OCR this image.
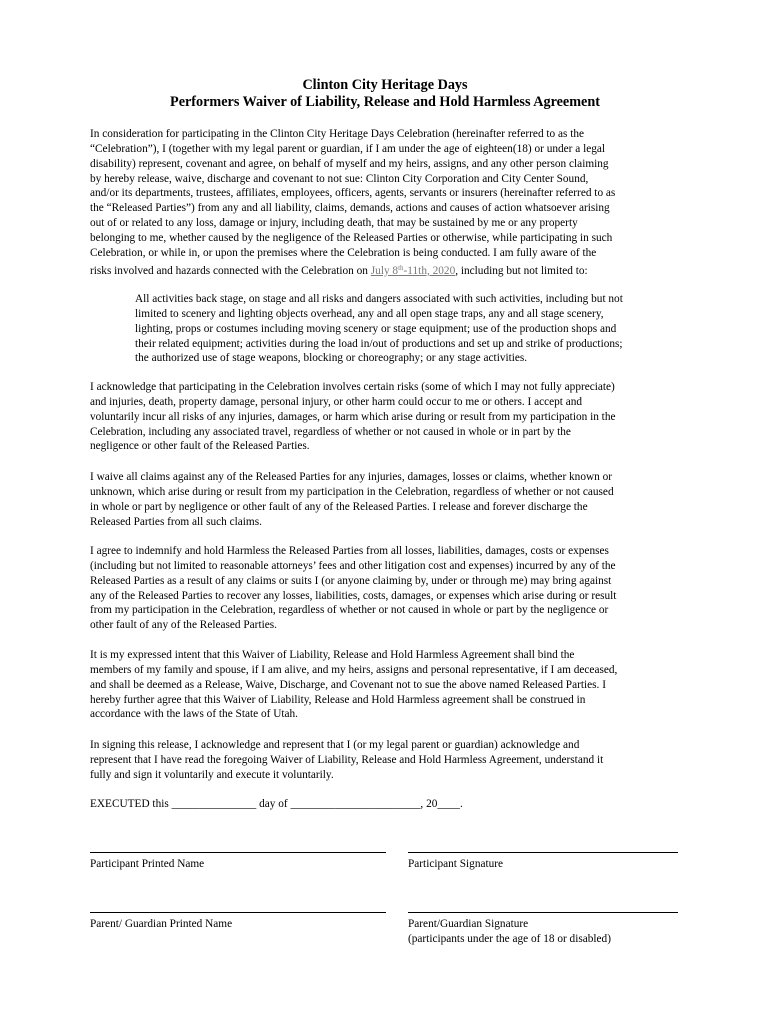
Clinton City Heritage Days
Performers Waiver of Liability, Release and Hold Harmless Agreement
In consideration for participating in the Clinton City Heritage Days Celebration (hereinafter referred to as the
“Celebration”), I (together with my legal parent or guardian, if I am under the age of eighteen(18) or under a legal
disability) represent, covenant and agree, on behalf of myself and my heirs, assigns, and any other person claiming
by hereby release, waive, discharge and covenant to not sue: Clinton City Corporation and City Center Sound,
and/or its departments, trustees, affiliates, employees, officers, agents, servants or insurers (hereinafter referred to as
the “Released Parties”) from any and all liability, claims, demands, actions and causes of action whatsoever arising
out of or related to any loss, damage or injury, including death, that may be sustained by me or any property
belonging to me, whether caused by the negligence of the Released Parties or otherwise, while participating in such
Celebration, or while in, or upon the premises where the Celebration is being conducted. I am fully aware of the
risks involved and hazards connected with the Celebration on July 8th-11th, 2020, including but not limited to:
All activities back stage, on stage and all risks and dangers associated with such activities, including but not
limited to scenery and lighting objects overhead, any and all open stage traps, any and all stage scenery,
lighting, props or costumes including moving scenery or stage equipment; use of the production shops and
their related equipment; activities during the load in/out of productions and set up and strike of productions;
the authorized use of stage weapons, blocking or choreography; or any stage activities.
I acknowledge that participating in the Celebration involves certain risks (some of which I may not fully appreciate)
and injuries, death, property damage, personal injury, or other harm could occur to me or others. I accept and
voluntarily incur all risks of any injuries, damages, or harm which arise during or result from my participation in the
Celebration, including any associated travel, regardless of whether or not caused in whole or in part by the
negligence or other fault of the Released Parties.
I waive all claims against any of the Released Parties for any injuries, damages, losses or claims, whether known or
unknown, which arise during or result from my participation in the Celebration, regardless of whether or not caused
in whole or part by negligence or other fault of any of the Released Parties. I release and forever discharge the
Released Parties from all such claims.
I agree to indemnify and hold Harmless the Released Parties from all losses, liabilities, damages, costs or expenses
(including but not limited to reasonable attorneys’ fees and other litigation cost and expenses) incurred by any of the
Released Parties as a result of any claims or suits I (or anyone claiming by, under or through me) may bring against
any of the Released Parties to recover any losses, liabilities, costs, damages, or expenses which arise during or result
from my participation in the Celebration, regardless of whether or not caused in whole or part by the negligence or
other fault of any of the Released Parties.
It is my expressed intent that this Waiver of Liability, Release and Hold Harmless Agreement shall bind the
members of my family and spouse, if I am alive, and my heirs, assigns and personal representative, if I am deceased,
and shall be deemed as a Release, Waive, Discharge, and Covenant not to sue the above named Released Parties. I
hereby further agree that this Waiver of Liability, Release and Hold Harmless agreement shall be construed in
accordance with the laws of the State of Utah.
In signing this release, I acknowledge and represent that I (or my legal parent or guardian) acknowledge and
represent that I have read the foregoing Waiver of Liability, Release and Hold Harmless Agreement, understand it
fully and sign it voluntarily and execute it voluntarily.
EXECUTED this _______________ day of _______________________, 20____.
Participant Printed Name	Participant Signature
Parent/ Guardian Printed Name	Parent/Guardian Signature
(participants under the age of 18 or disabled)
